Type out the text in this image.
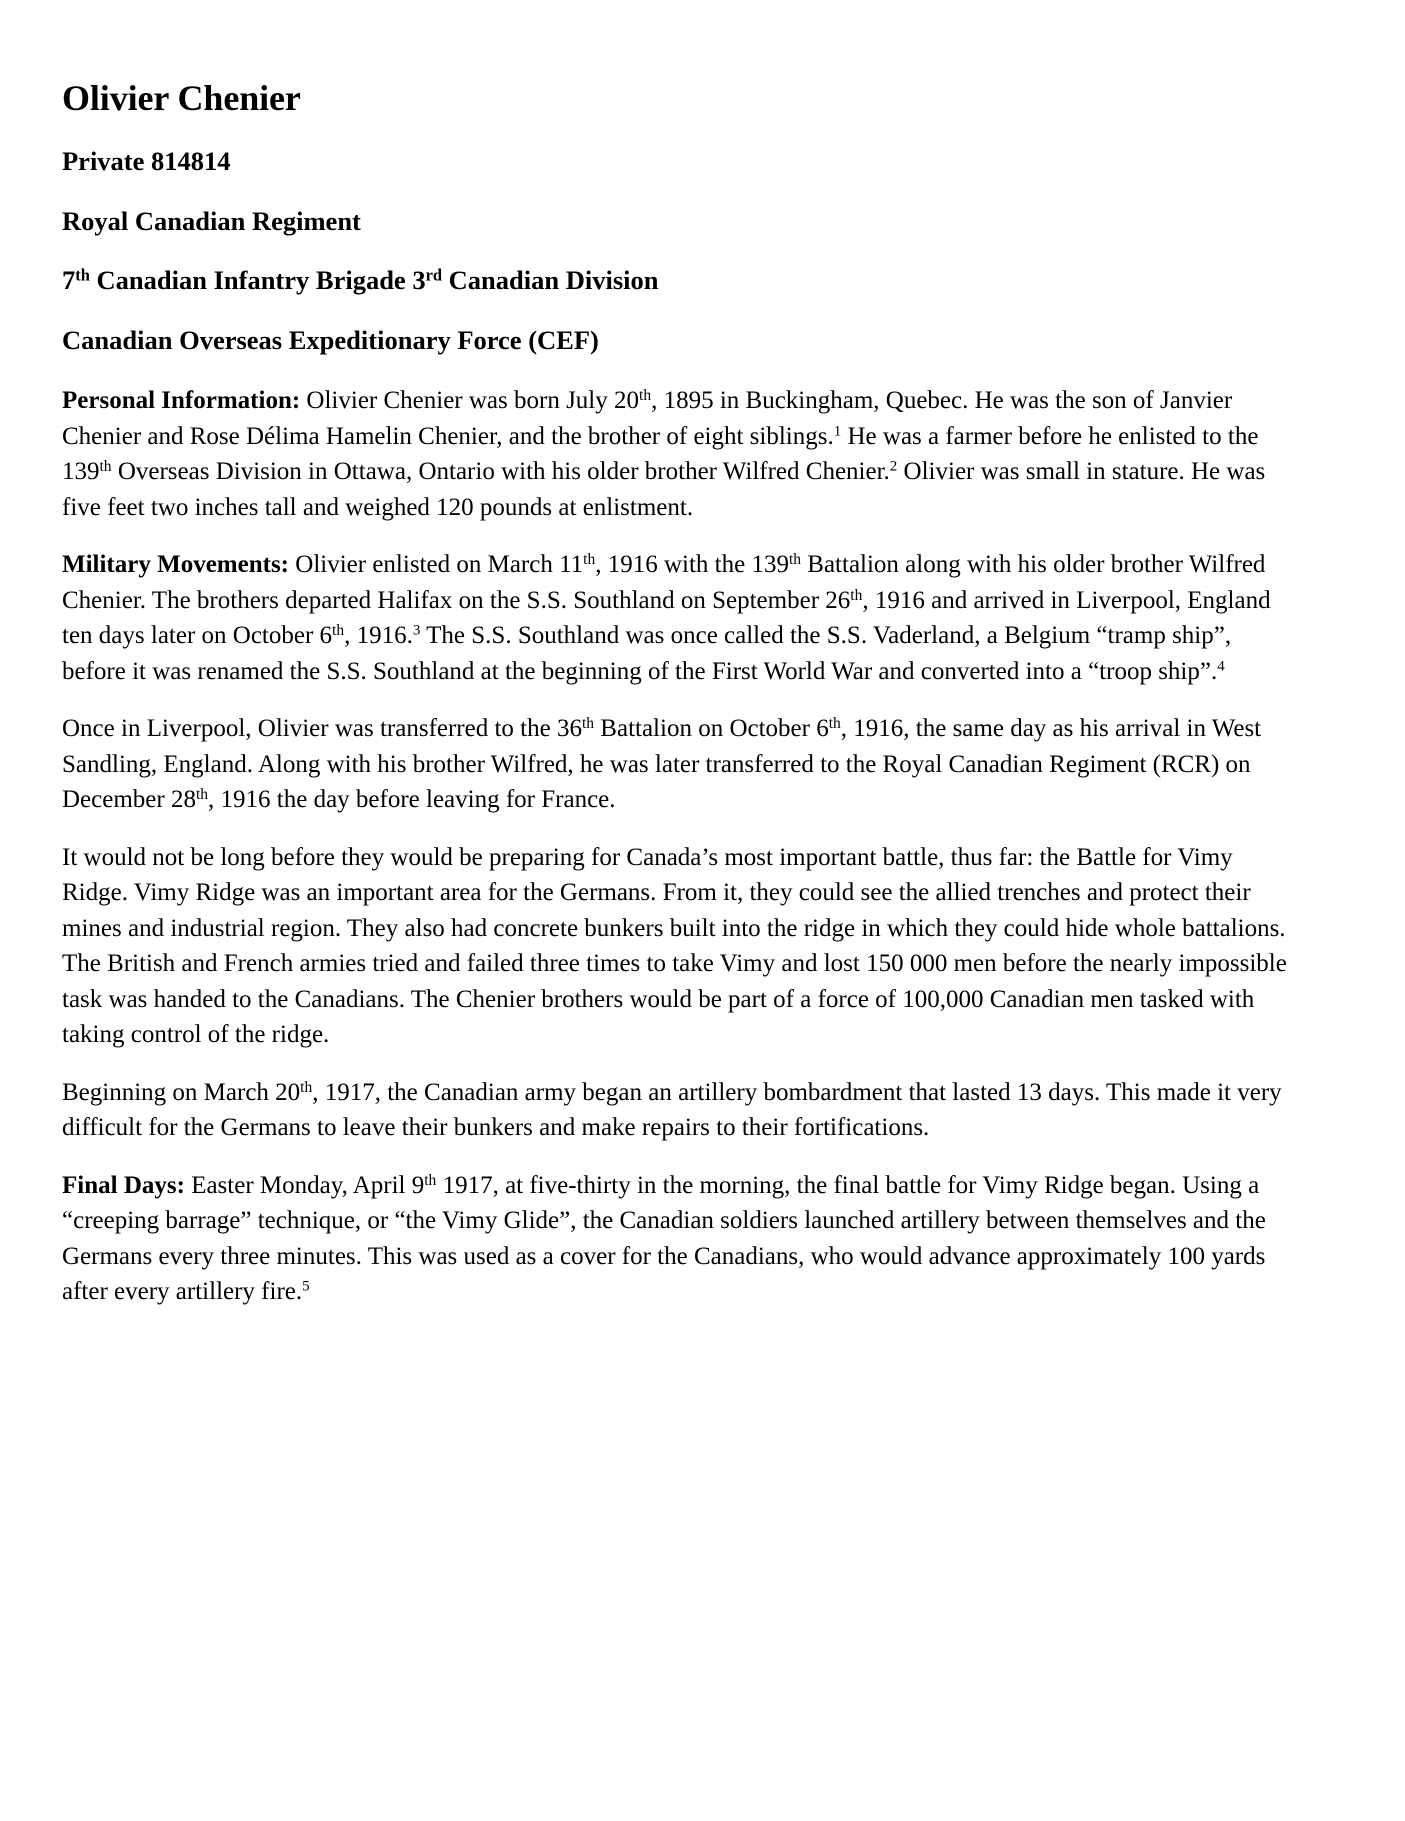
Olivier Chenier
Private 814814
Royal Canadian Regiment
7th Canadian Infantry Brigade 3rd Canadian Division
Canadian Overseas Expeditionary Force (CEF)

Personal Information: Olivier Chenier was born July 20th, 1895 in Buckingham, Quebec. He was the son of Janvier Chenier and Rose Délima Hamelin Chenier, and the brother of eight siblings.$^1$ He was a farmer before he enlisted to the 139th Overseas Division in Ottawa, Ontario with his older brother Wilfred Chenier.$^2$ Olivier was small in stature. He was five feet two inches tall and weighed 120 pounds at enlistment.

Military Movements: Olivier enlisted on March 11th, 1916 with the 139th Battalion along with his older brother Wilfred Chenier. The brothers departed Halifax on the S.S. Southland on September 26th, 1916 and arrived in Liverpool, England ten days later on October 6th, 1916.$^3$ The S.S. Southland was once called the S.S. Vaderland, a Belgium “tramp ship”, before it was renamed the S.S. Southland at the beginning of the First World War and converted into a “troop ship”.$^4$

Once in Liverpool, Olivier was transferred to the 36th Battalion on October 6th, 1916, the same day as his arrival in West Sandling, England. Along with his brother Wilfred, he was later transferred to the Royal Canadian Regiment (RCR) on December 28th, 1916 the day before leaving for France.

It would not be long before they would be preparing for Canada’s most important battle, thus far: the Battle for Vimy Ridge. Vimy Ridge was an important area for the Germans. From it, they could see the allied trenches and protect their mines and industrial region. They also had concrete bunkers built into the ridge in which they could hide whole battalions. The British and French armies tried and failed three times to take Vimy and lost 150 000 men before the nearly impossible task was handed to the Canadians. The Chenier brothers would be part of a force of 100,000 Canadian men tasked with taking control of the ridge.

Beginning on March 20th, 1917, the Canadian army began an artillery bombardment that lasted 13 days. This made it very difficult for the Germans to leave their bunkers and make repairs to their fortifications.

Final Days: Easter Monday, April 9th 1917, at five-thirty in the morning, the final battle for Vimy Ridge began. Using a “creeping barrage” technique, or “the Vimy Glide”, the Canadian soldiers launched artillery between themselves and the Germans every three minutes. This was used as a cover for the Canadians, who would advance approximately 100 yards after every artillery fire.$^5$
